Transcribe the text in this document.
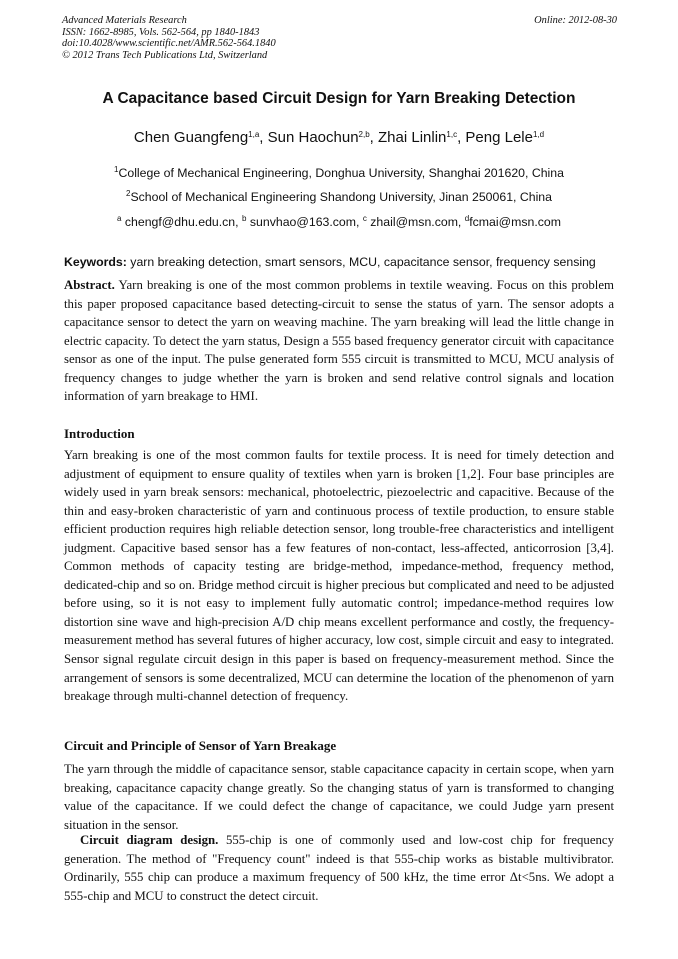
Advanced Materials Research
ISSN: 1662-8985, Vols. 562-564, pp 1840-1843
doi:10.4028/www.scientific.net/AMR.562-564.1840
© 2012 Trans Tech Publications Ltd, Switzerland
Online: 2012-08-30
A Capacitance based Circuit Design for Yarn Breaking Detection
Chen Guangfeng$^{1,a}$, Sun Haochun$^{2,b}$, Zhai Linlin$^{1,c}$, Peng Lele$^{1,d}$
$^1$College of Mechanical Engineering, Donghua University, Shanghai 201620, China
$^2$School of Mechanical Engineering Shandong University, Jinan 250061, China
$^a$ chengf@dhu.edu.cn, $^b$ sunvhao@163.com, $^c$ zhail@msn.com, $^d$fcmai@msn.com
Keywords: yarn breaking detection, smart sensors, MCU, capacitance sensor, frequency sensing
Abstract. Yarn breaking is one of the most common problems in textile weaving. Focus on this problem this paper proposed capacitance based detecting-circuit to sense the status of yarn. The sensor adopts a capacitance sensor to detect the yarn on weaving machine. The yarn breaking will lead the little change in electric capacity. To detect the yarn status, Design a 555 based frequency generator circuit with capacitance sensor as one of the input. The pulse generated form 555 circuit is transmitted to MCU, MCU analysis of frequency changes to judge whether the yarn is broken and send relative control signals and location information of yarn breakage to HMI.
Introduction
Yarn breaking is one of the most common faults for textile process. It is need for timely detection and adjustment of equipment to ensure quality of textiles when yarn is broken [1,2]. Four base principles are widely used in yarn break sensors: mechanical, photoelectric, piezoelectric and capacitive. Because of the thin and easy-broken characteristic of yarn and continuous process of textile production, to ensure stable efficient production requires high reliable detection sensor, long trouble-free characteristics and intelligent judgment. Capacitive based sensor has a few features of non-contact, less-affected, anticorrosion [3,4]. Common methods of capacity testing are bridge-method, impedance-method, frequency method, dedicated-chip and so on. Bridge method circuit is higher precious but complicated and need to be adjusted before using, so it is not easy to implement fully automatic control; impedance-method requires low distortion sine wave and high-precision A/D chip means excellent performance and costly, the frequency-measurement method has several futures of higher accuracy, low cost, simple circuit and easy to integrated. Sensor signal regulate circuit design in this paper is based on frequency-measurement method. Since the arrangement of sensors is some decentralized, MCU can determine the location of the phenomenon of yarn breakage through multi-channel detection of frequency.
Circuit and Principle of Sensor of Yarn Breakage
The yarn through the middle of capacitance sensor, stable capacitance capacity in certain scope, when yarn breaking, capacitance capacity change greatly. So the changing status of yarn is transformed to changing value of the capacitance. If we could defect the change of capacitance, we could Judge yarn present situation in the sensor.
Circuit diagram design. 555-chip is one of commonly used and low-cost chip for frequency generation. The method of "Frequency count" indeed is that 555-chip works as bistable multivibrator. Ordinarily, 555 chip can produce a maximum frequency of 500 kHz, the time error Δt<5ns. We adopt a 555-chip and MCU to construct the detect circuit.
